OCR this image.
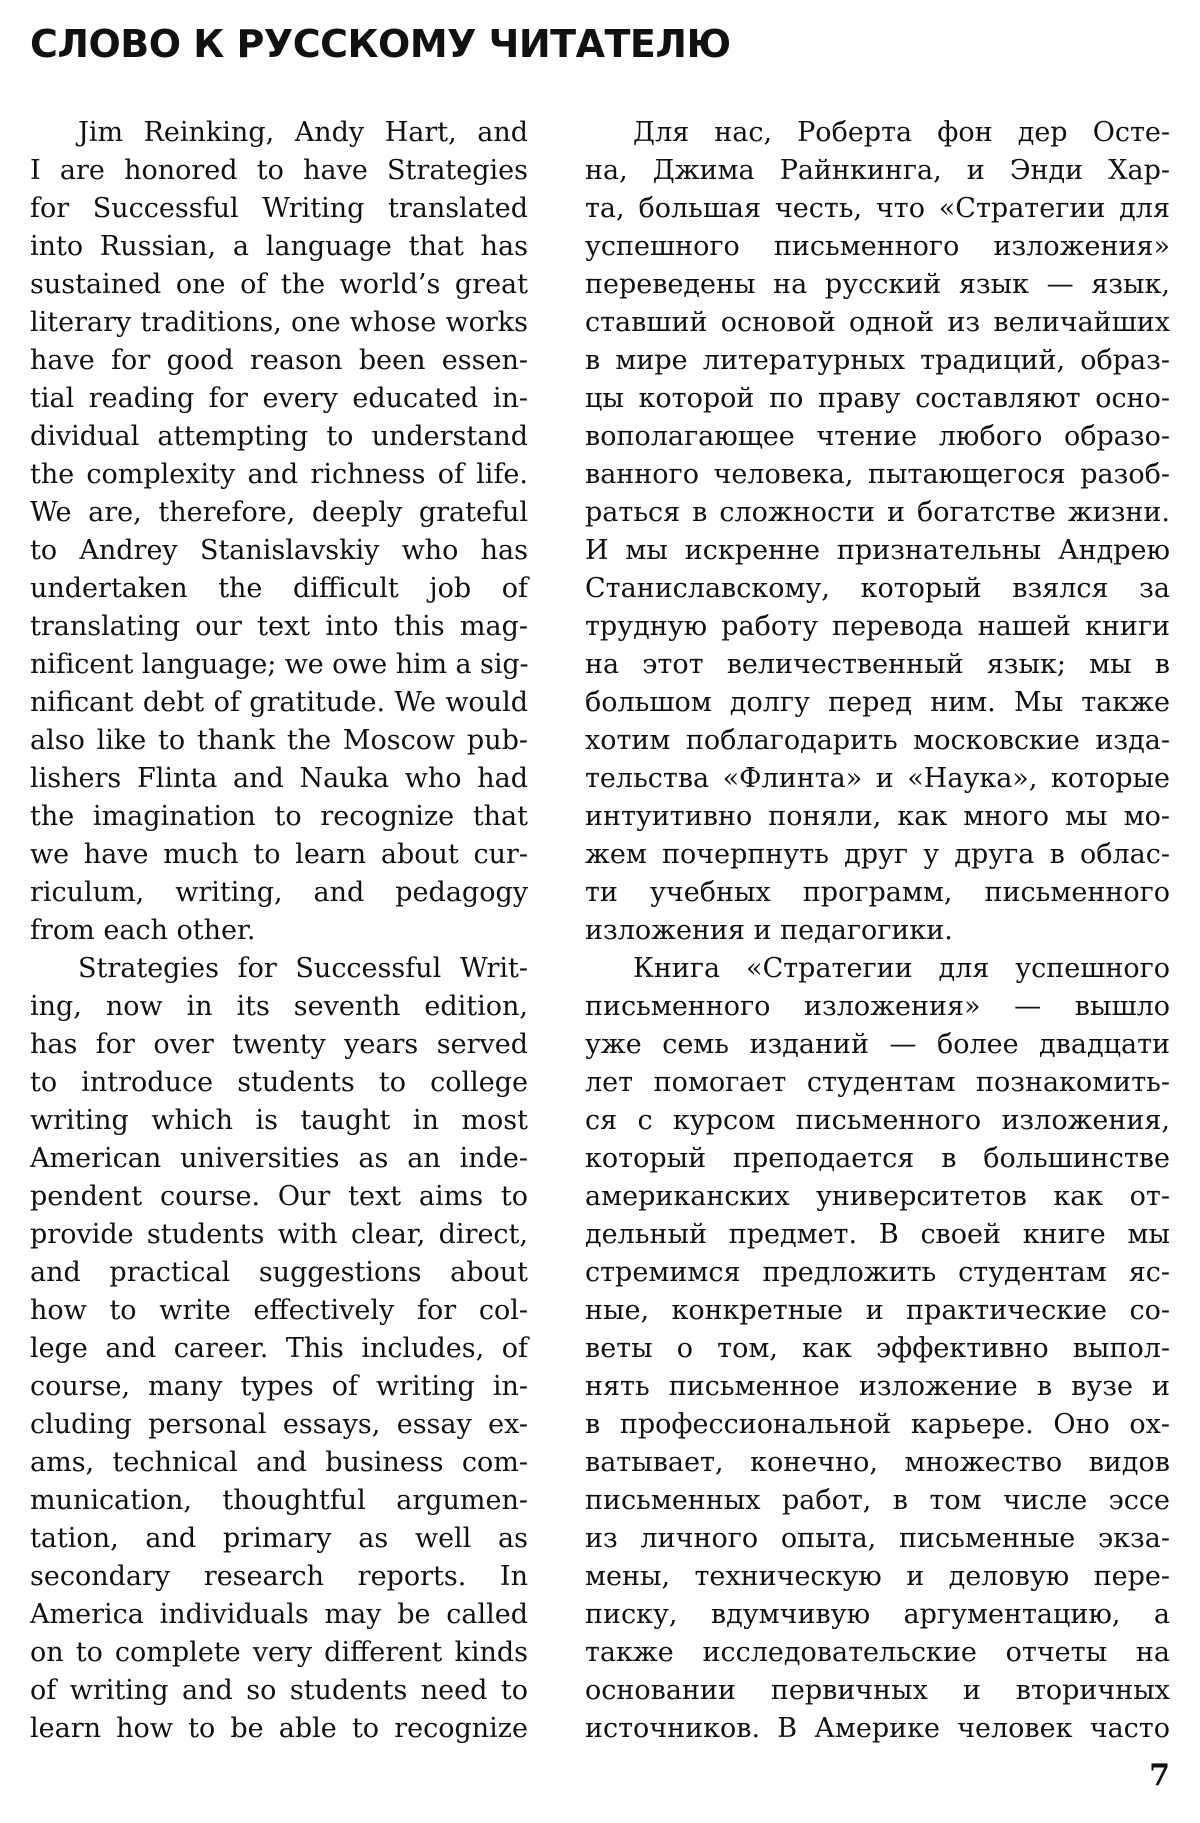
СЛОВО К РУССКОМУ ЧИТАТЕЛЮ
Jim Reinking, Andy Hart, and
I are honored to have Strategies
for Successful Writing translated
into Russian, a language that has
sustained one of the world’s great
literary traditions, one whose works
have for good reason been essen-
tial reading for every educated in-
dividual attempting to understand
the complexity and richness of life.
We are, therefore, deeply grateful
to Andrey Stanislavskiy who has
undertaken the difficult job of
translating our text into this mag-
nificent language; we owe him a sig-
nificant debt of gratitude. We would
also like to thank the Moscow pub-
lishers Flinta and Nauka who had
the imagination to recognize that
we have much to learn about cur-
riculum, writing, and pedagogy
from each other.
Strategies for Successful Writ-
ing, now in its seventh edition,
has for over twenty years served
to introduce students to college
writing which is taught in most
American universities as an inde-
pendent course. Our text aims to
provide students with clear, direct,
and practical suggestions about
how to write effectively for col-
lege and career. This includes, of
course, many types of writing in-
cluding personal essays, essay ex-
ams, technical and business com-
munication, thoughtful argumen-
tation, and primary as well as
secondary research reports. In
America individuals may be called
on to complete very different kinds
of writing and so students need to
learn how to be able to recognize
Для нас, Роберта фон дер Осте-
на, Джима Райнкинга, и Энди Хар-
та, большая честь, что «Стратегии для
успешного письменного изложения»
переведены на русский язык — язык,
ставший основой одной из величайших
в мире литературных традиций, образ-
цы которой по праву составляют осно-
вополагающее чтение любого образо-
ванного человека, пытающегося разоб-
раться в сложности и богатстве жизни.
И мы искренне признательны Андрею
Станиславскому, который взялся за
трудную работу перевода нашей книги
на этот величественный язык; мы в
большом долгу перед ним. Мы также
хотим поблагодарить московские изда-
тельства «Флинта» и «Наука», которые
интуитивно поняли, как много мы мо-
жем почерпнуть друг у друга в облас-
ти учебных программ, письменного
изложения и педагогики.
Книга «Стратегии для успешного
письменного изложения» — вышло
уже семь изданий — более двадцати
лет помогает студентам познакомить-
ся с курсом письменного изложения,
который преподается в большинстве
американских университетов как от-
дельный предмет. В своей книге мы
стремимся предложить студентам яс-
ные, конкретные и практические со-
веты о том, как эффективно выпол-
нять письменное изложение в вузе и
в профессиональной карьере. Оно ох-
ватывает, конечно, множество видов
письменных работ, в том числе эссе
из личного опыта, письменные экза-
мены, техническую и деловую пере-
писку, вдумчивую аргументацию, а
также исследовательские отчеты на
основании первичных и вторичных
источников. В Америке человек часто
7
